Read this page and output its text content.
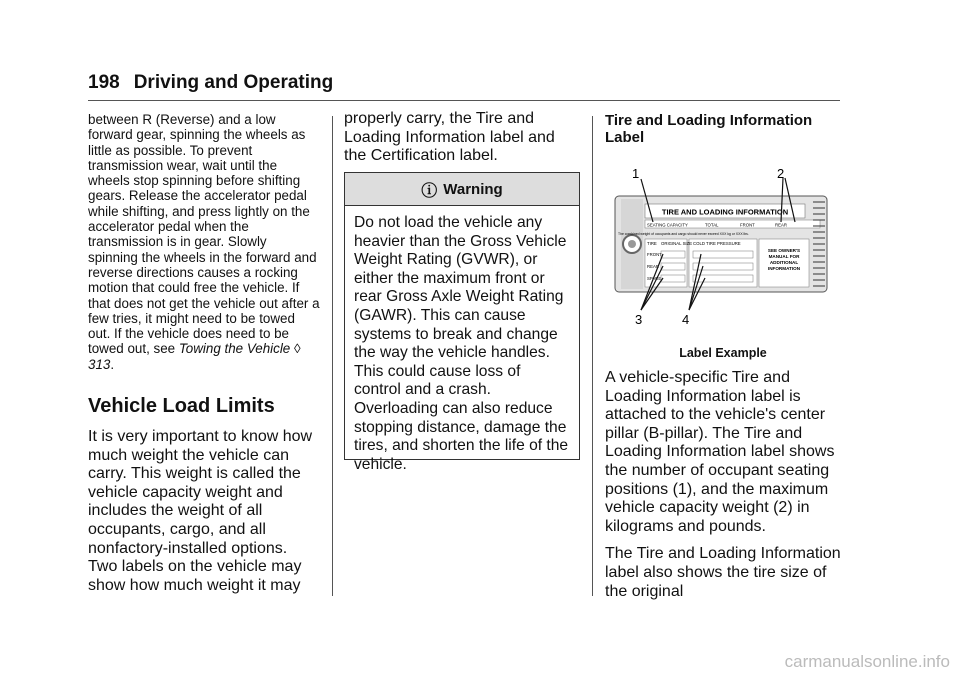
198 Driving and Operating

between R (Reverse) and a low forward gear, spinning the wheels as little as possible. To prevent transmission wear, wait until the wheels stop spinning before shifting gears. Release the accelerator pedal while shifting, and press lightly on the accelerator pedal when the transmission is in gear. Slowly spinning the wheels in the forward and reverse directions causes a rocking motion that could free the vehicle. If that does not get the vehicle out after a few tries, it might need to be towed out. If the vehicle does need to be towed out, see Towing the Vehicle ◊ 313.

Vehicle Load Limits

It is very important to know how much weight the vehicle can carry. This weight is called the vehicle capacity weight and includes the weight of all occupants, cargo, and all nonfactory-installed options. Two labels on the vehicle may show how much weight it may

properly carry, the Tire and Loading Information label and the Certification label.

ⓘ Warning
Do not load the vehicle any heavier than the Gross Vehicle Weight Rating (GVWR), or either the maximum front or rear Gross Axle Weight Rating (GAWR). This can cause systems to break and change the way the vehicle handles. This could cause loss of control and a crash. Overloading can also reduce stopping distance, damage the tires, and shorten the life of the vehicle.
Tire and Loading Information Label
TIRE AND LOADING INFORMATION
SEATING CAPACITY	TOTAL	FRONT	REAR
The combined weight of occupants and cargo should never exceed XXX kg or XXX lbs.
TIRE ORIGINAL SIZE COLD TIRE PRESSURE
FRONT
REAR
SPARE
SEE OWNER'S
MANUAL FOR
ADDITIONAL
INFORMATION
1	2
3	4
Label Example

A vehicle-specific Tire and Loading Information label is attached to the vehicle's center pillar (B-pillar). The Tire and Loading Information label shows the number of occupant seating positions (1), and the maximum vehicle capacity weight (2) in kilograms and pounds.

The Tire and Loading Information label also shows the tire size of the original

carmanualsonline.info
